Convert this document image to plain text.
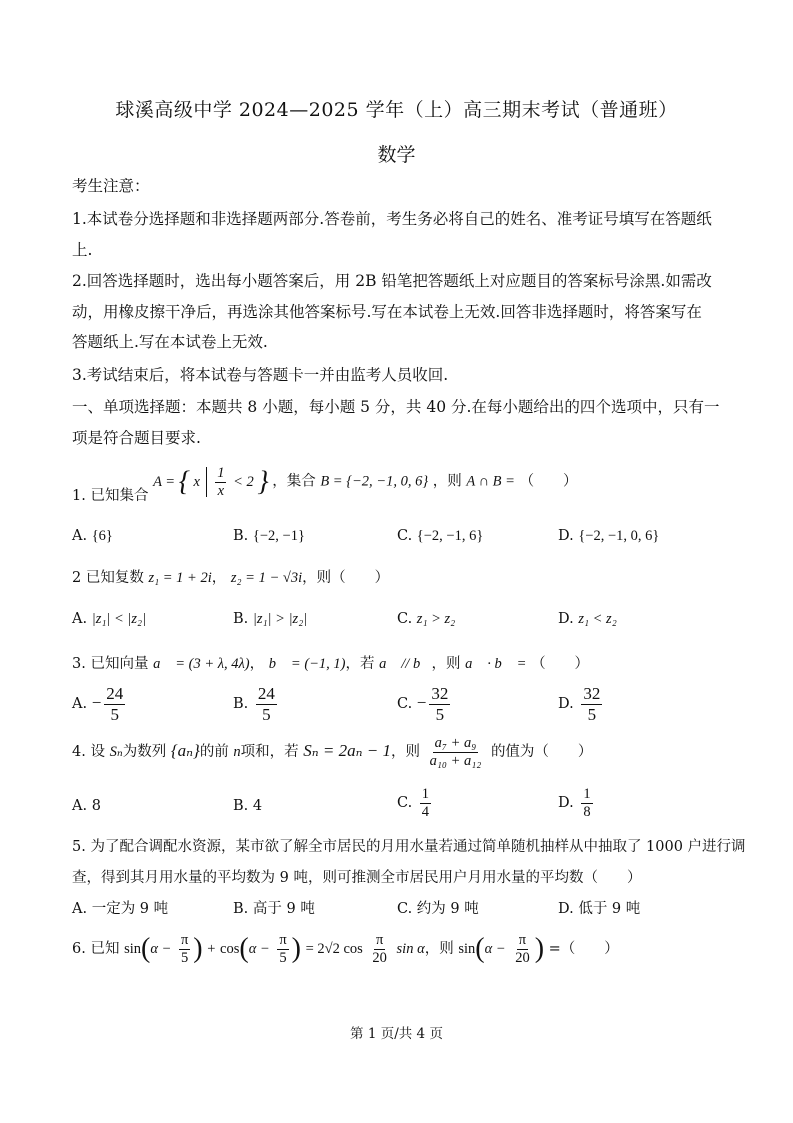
球溪高级中学 2024—2025 学年（上）高三期末考试（普通班）
数学
考生注意：
1.本试卷分选择题和非选择题两部分.答卷前，考生务必将自己的姓名、准考证号填写在答题纸
上.
2.回答选择题时，选出每小题答案后，用 2B 铅笔把答题纸上对应题目的答案标号涂黑.如需改
动，用橡皮擦干净后，再选涂其他答案标号.写在本试卷上无效.回答非选择题时，将答案写在
答题纸上.写在本试卷上无效.
3.考试结束后，将本试卷与答题卡一并由监考人员收回.
一、单项选择题：本题共 8 小题，每小题 5 分，共 40 分.在每小题给出的四个选项中，只有一
项是符合题目要求.
1. 已知集合 A = { x $\frac{1}{x} < 2$ } ，集合 B = {−2, −1, 0, 6} ，则 A ∩ B = （　　）
A. {6}	B. {−2, −1}	C. {−2, −1, 6}	D. {−2, −1, 0, 6}
2 已知复数 z₁ = 1 + 2i， z₂ = 1 − √3i，则（　　）
A. |z₁| < |z₂|	B. |z₁| > |z₂|	C. z₁ > z₂	D. z₁ < z₂
3. 已知向量 a⃗ = (3 + λ, 4λ)， b⃗ = (−1, 1)，若 a⃗ // b⃗，则 a⃗ · b⃗ = （　　）
A. − $\frac{24}{5}$	B. $\frac{24}{5}$	C. − $\frac{32}{5}$	D. $\frac{32}{5}$
4. 设 Sₙ为数列 {aₙ}的前 n项和，若 Sₙ = 2aₙ − 1，则 $\frac{\text{a₇ + a₉}}{\text{a₁₀ + a₁₂}}$ 的值为（　　）
A. 8	B. 4	C. $\frac{1}{4}$	D. $\frac{1}{8}$
5. 为了配合调配水资源，某市欲了解全市居民的月用水量若通过简单随机抽样从中抽取了 1000 户进行调
查，得到其月用水量的平均数为 9 吨，则可推测全市居民用户月用水量的平均数（　　）
A. 一定为 9 吨	B. 高于 9 吨	C. 约为 9 吨	D. 低于 9 吨
6. 已知 $\sin(\alpha - \frac{\pi}{5}$ ) + $\cos(\alpha - \frac{\pi}{5}$ ) = 2√2 $\cos \frac{\pi}{20}$ sin α，则 $\sin(\alpha - \frac{\pi}{20}$ ) =（　　）
第 1 页/共 4 页
